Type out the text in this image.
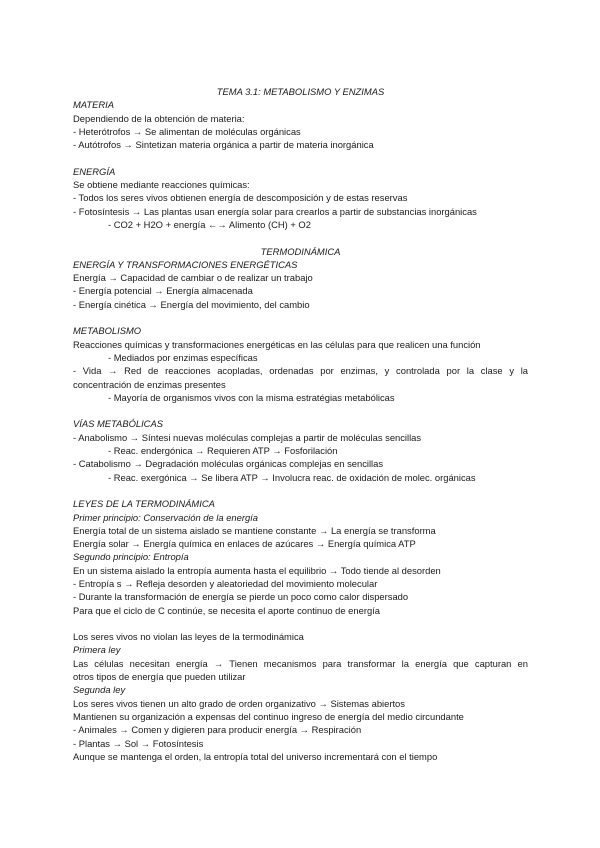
TEMA 3.1: METABOLISMO Y ENZIMAS
MATERIA
Dependiendo de la obtención de materia:
- Heterótrofos → Se alimentan de moléculas orgánicas
- Autótrofos → Sintetizan materia orgánica a partir de materia inorgánica
ENERGÍA
Se obtiene mediante reacciones químicas:
- Todos los seres vivos obtienen energía de descomposición y de estas reservas
- Fotosíntesis → Las plantas usan energía solar para crearlos a partir de substancias inorgánicas
- CO2 + H2O + energía ←→ Alimento (CH) + O2
TERMODINÁMICA
ENERGÍA Y TRANSFORMACIONES ENERGÉTICAS
Energía → Capacidad de cambiar o de realizar un trabajo
- Energía potencial → Energía almacenada
- Energía cinética → Energía del movimiento, del cambio
METABOLISMO
Reacciones químicas y transformaciones energéticas en las células para que realicen una función
- Mediados por enzimas específicas
- Vida → Red de reacciones acopladas, ordenadas por enzimas, y controlada por la clase y la
concentración de enzimas presentes
- Mayoría de organismos vivos con la misma estratégias metabólicas
VÍAS METABÓLICAS
- Anabolismo → Síntesi nuevas moléculas complejas a partir de moléculas sencillas
- Reac. endergónica → Requieren ATP → Fosforilación
- Catabolismo → Degradación moléculas orgánicas complejas en sencillas
- Reac. exergónica → Se libera ATP → Involucra reac. de oxidación de molec. orgánicas
LEYES DE LA TERMODINÁMICA
Primer principio: Conservación de la energía
Energía total de un sistema aislado se mantiene constante → La energía se transforma
Energía solar → Energía química en enlaces de azúcares → Energía química ATP
Segundo principio: Entropía
En un sistema aislado la entropía aumenta hasta el equilibrio → Todo tiende al desorden
- Entropía s → Refleja desorden y aleatoriedad del movimiento molecular
- Durante la transformación de energía se pierde un poco como calor dispersado
Para que el ciclo de C continúe, se necesita el aporte continuo de energía
Los seres vivos no violan las leyes de la termodinámica
Primera ley
Las células necesitan energía → Tienen mecanismos para transformar la energía que capturan en
otros tipos de energía que pueden utilizar
Segunda ley
Los seres vivos tienen un alto grado de orden organizativo → Sistemas abiertos
Mantienen su organización a expensas del continuo ingreso de energía del medio circundante
- Animales → Comen y digieren para producir energía → Respiración
- Plantas → Sol → Fotosíntesis
Aunque se mantenga el orden, la entropía total del universo incrementará con el tiempo
